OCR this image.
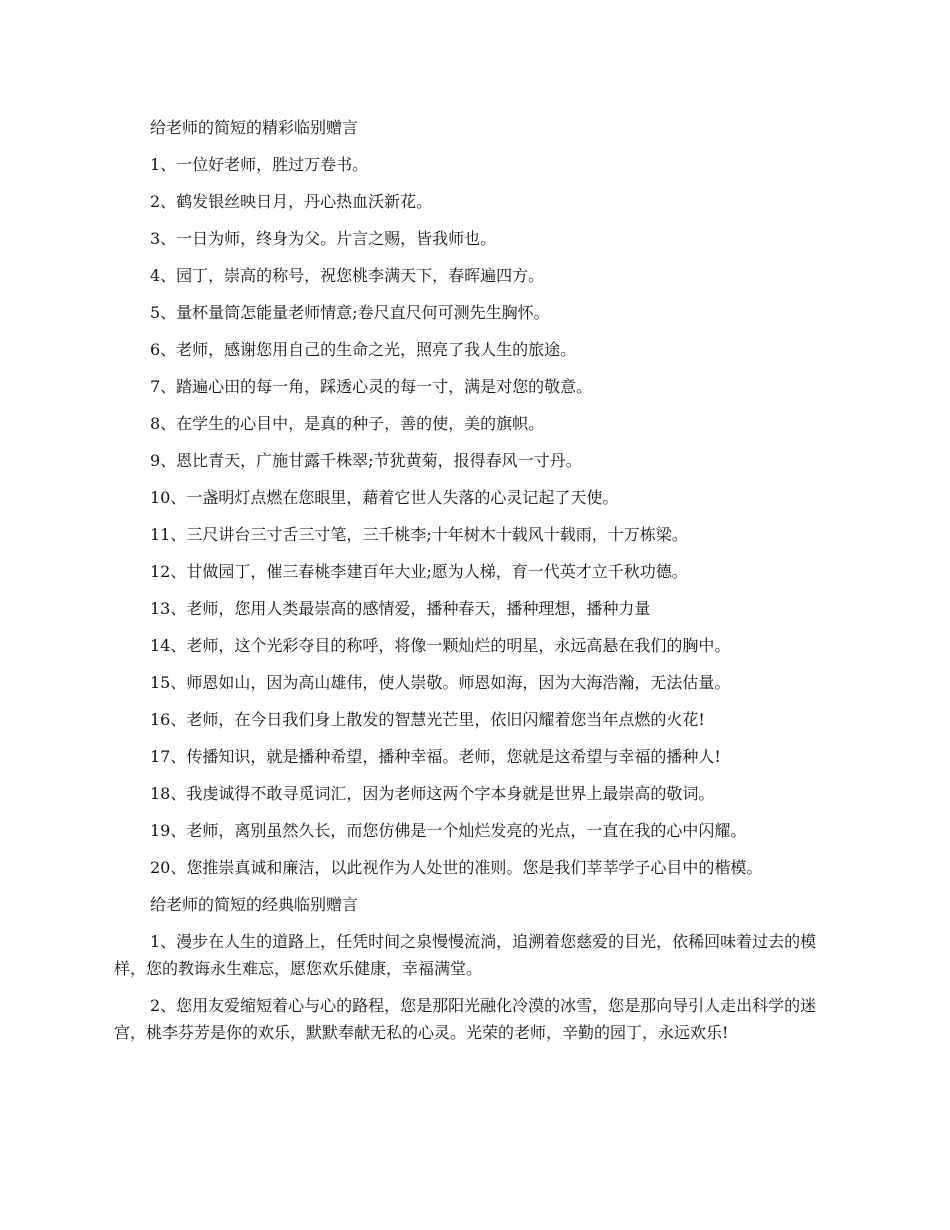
给老师的简短的精彩临别赠言

1、一位好老师，胜过万卷书。

2、鹤发银丝映日月，丹心热血沃新花。

3、一日为师，终身为父。片言之赐，皆我师也。

4、园丁，崇高的称号，祝您桃李满天下，春晖遍四方。

5、量杯量筒怎能量老师情意;卷尺直尺何可测先生胸怀。

6、老师，感谢您用自己的生命之光，照亮了我人生的旅途。

7、踏遍心田的每一角，踩透心灵的每一寸，满是对您的敬意。

8、在学生的心目中，是真的种子，善的使，美的旗帜。

9、恩比青天，广施甘露千株翠;节犹黄菊，报得春风一寸丹。

10、一盏明灯点燃在您眼里，藉着它世人失落的心灵记起了天使。

11、三尺讲台三寸舌三寸笔，三千桃李;十年树木十载风十载雨，十万栋梁。

12、甘做园丁，催三春桃李建百年大业;愿为人梯，育一代英才立千秋功德。

13、老师，您用人类最崇高的感情爱，播种春天，播种理想，播种力量

14、老师，这个光彩夺目的称呼，将像一颗灿烂的明星，永远高悬在我们的胸中。

15、师恩如山，因为高山雄伟，使人崇敬。师恩如海，因为大海浩瀚，无法估量。

16、老师，在今日我们身上散发的智慧光芒里，依旧闪耀着您当年点燃的火花!

17、传播知识，就是播种希望，播种幸福。老师，您就是这希望与幸福的播种人!

18、我虔诚得不敢寻觅词汇，因为老师这两个字本身就是世界上最崇高的敬词。

19、老师，离别虽然久长，而您仿佛是一个灿烂发亮的光点，一直在我的心中闪耀。

20、您推崇真诚和廉洁，以此视作为人处世的准则。您是我们莘莘学子心目中的楷模。

给老师的简短的经典临别赠言

1、漫步在人生的道路上，任凭时间之泉慢慢流淌，追溯着您慈爱的目光，依稀回味着过去的模样，您的教诲永生难忘，愿您欢乐健康，幸福满堂。

2、您用友爱缩短着心与心的路程，您是那阳光融化冷漠的冰雪，您是那向导引人走出科学的迷宫，桃李芬芳是你的欢乐，默默奉献无私的心灵。光荣的老师，辛勤的园丁，永远欢乐!
